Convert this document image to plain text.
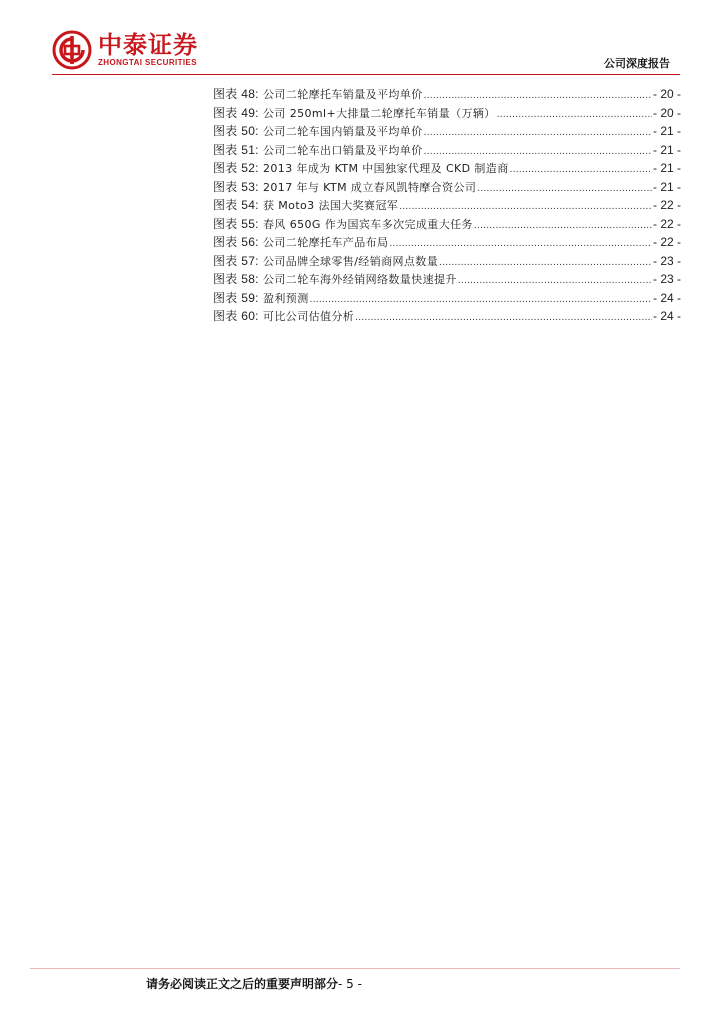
中泰证券
ZHONGTAI SECURITIES	公司深度报告
图表 48: 公司二轮摩托车销量及平均单价 .....	- 20 -
图表 49: 公司 250ml+大排量二轮摩托车销量（万辆） .....	- 20 -
图表 50: 公司二轮车国内销量及平均单价 .....	- 21 -
图表 51: 公司二轮车出口销量及平均单价 .....	- 21 -
图表 52: 2013 年成为 KTM 中国独家代理及 CKD 制造商 .....	- 21 -
图表 53: 2017 年与 KTM 成立春风凯特摩合资公司 .....	- 21 -
图表 54: 获 Moto3 法国大奖赛冠军 .....	- 22 -
图表 55: 春风 650G 作为国宾车多次完成重大任务 .....	- 22 -
图表 56: 公司二轮摩托车产品布局 .....	- 22 -
图表 57: 公司品牌全球零售/经销商网点数量 .....	- 23 -
图表 58: 公司二轮车海外经销网络数量快速提升 .....	- 23 -
图表 59: 盈利预测 .....	- 24 -
图表 60: 可比公司估值分析 .....	- 24 -
请务必阅读正文之后的重要声明部分- 5 -
